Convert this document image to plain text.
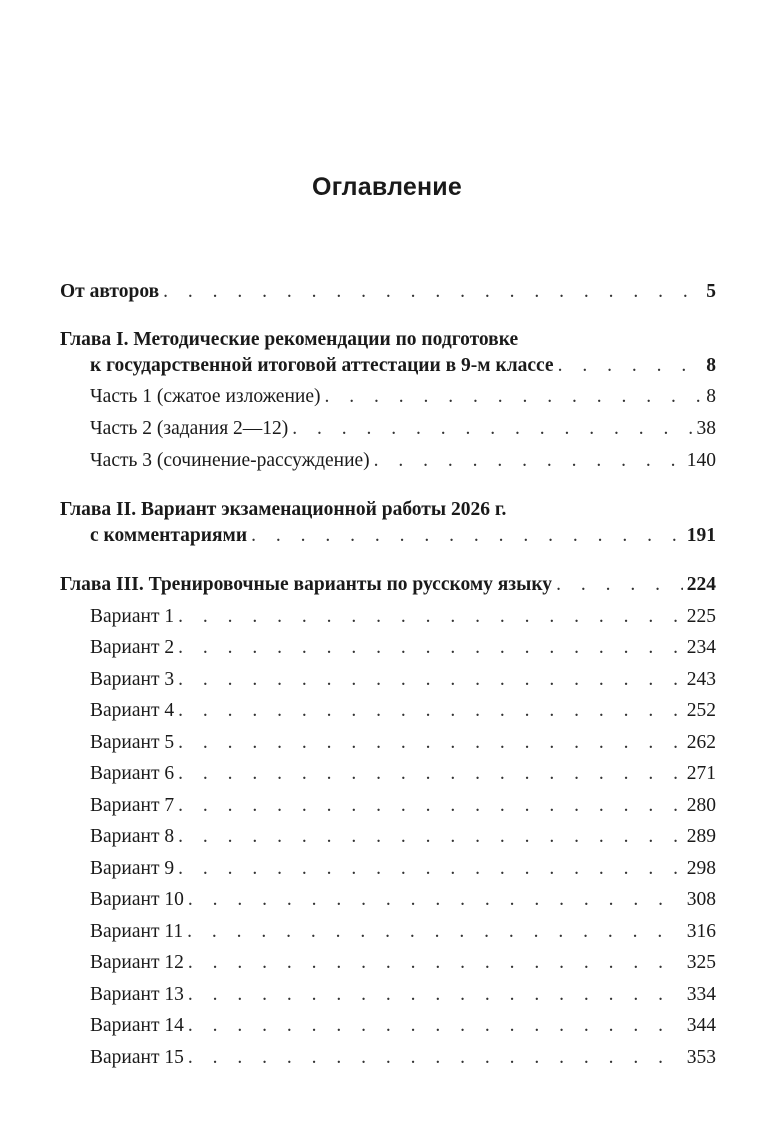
Оглавление
От авторов . . .	5
Глава I. Методические рекомендации по подготовке
к государственной итоговой аттестации в 9-м классе . . .	8
Часть 1 (сжатое изложение) . . .	8
Часть 2 (задания 2—12) . . .	38
Часть 3 (сочинение-рассуждение) . . .	140
Глава II. Вариант экзаменационной работы 2026 г.
с комментариями . . .	191
Глава III. Тренировочные варианты по русскому языку . . .	224
Вариант 1 . . .	225
Вариант 2 . . .	234
Вариант 3 . . .	243
Вариант 4 . . .	252
Вариант 5 . . .	262
Вариант 6 . . .	271
Вариант 7 . . .	280
Вариант 8 . . .	289
Вариант 9 . . .	298
Вариант 10 . . .	308
Вариант 11 . . .	316
Вариант 12 . . .	325
Вариант 13 . . .	334
Вариант 14 . . .	344
Вариант 15 . . .	353
